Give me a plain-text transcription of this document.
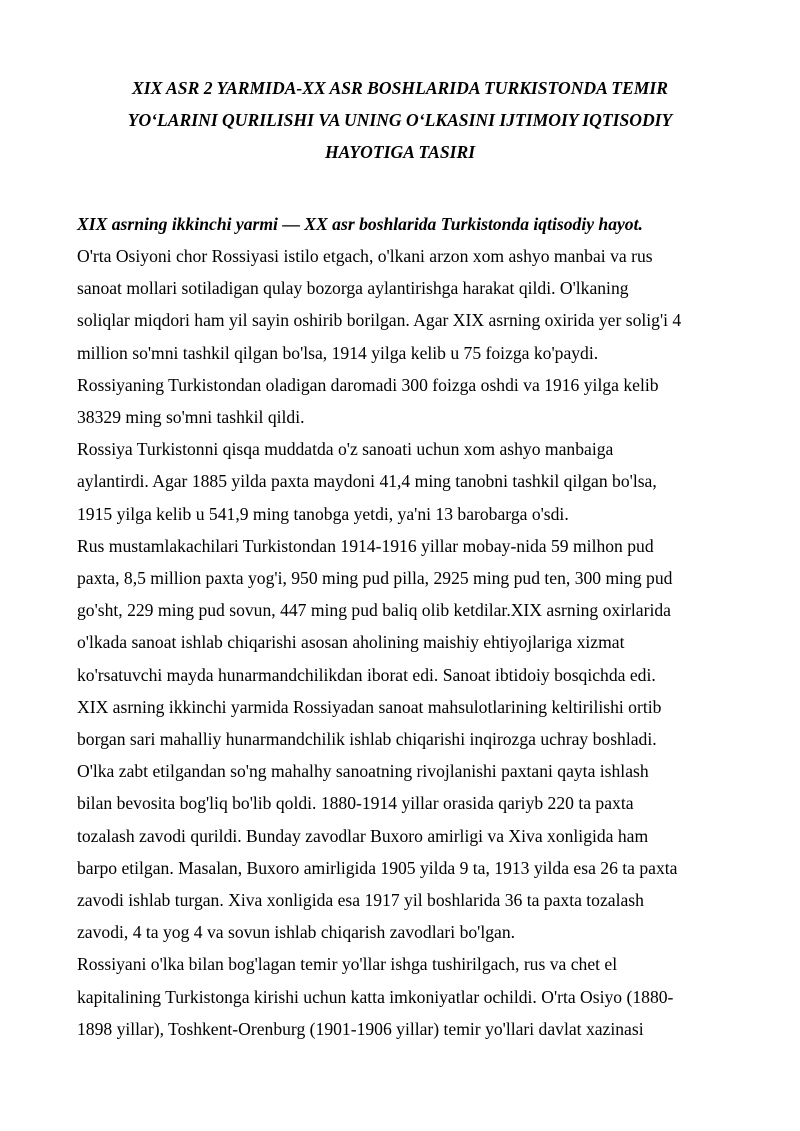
XIX ASR 2 YARMIDA-XX ASR BOSHLARIDA TURKISTONDA TEMIR
YO‘LARINI QURILISHI VA UNING O‘LKASINI IJTIMOIY IQTISODIY
HAYOTIGA TASIRI
XIX asrning ikkinchi yarmi — XX asr boshlarida Turkistonda iqtisodiy hayot.

O'rta Osiyoni chor Rossiyasi istilo etgach, o'lkani arzon xom ashyo manbai va rus
sanoat mollari sotiladigan qulay bozorga aylantirishga harakat qildi. O'lkaning
soliqlar miqdori ham yil sayin oshirib borilgan. Agar XIX asrning oxirida yer solig'i 4
million so'mni tashkil qilgan bo'lsa, 1914 yilga kelib u 75 foizga ko'paydi.
Rossiyaning Turkistondan oladigan daromadi 300 foizga oshdi va 1916 yilga kelib
38329 ming so'mni tashkil qildi.

Rossiya Turkistonni qisqa muddatda o'z sanoati uchun xom ashyo manbaiga
aylantirdi. Agar 1885 yilda paxta maydoni 41,4 ming tanobni tashkil qilgan bo'lsa,
1915 yilga kelib u 541,9 ming tanobga yetdi, ya'ni 13 barobarga o'sdi.

Rus mustamlakachilari Turkistondan 1914-1916 yillar mobay-nida 59 milhon pud
paxta, 8,5 million paxta yog'i, 950 ming pud pilla, 2925 ming pud ten, 300 ming pud
go'sht, 229 ming pud sovun, 447 ming pud baliq olib ketdilar.XIX asrning oxirlarida
o'lkada sanoat ishlab chiqarishi asosan aholining maishiy ehtiyojlariga xizmat
ko'rsatuvchi mayda hunarmandchilikdan iborat edi. Sanoat ibtidoiy bosqichda edi.
XIX asrning ikkinchi yarmida Rossiyadan sanoat mahsulotlarining keltirilishi ortib
borgan sari mahalliy hunarmandchilik ishlab chiqarishi inqirozga uchray boshladi.
O'lka zabt etilgandan so'ng mahalhy sanoatning rivojlanishi paxtani qayta ishlash
bilan bevosita bog'liq bo'lib qoldi. 1880-1914 yillar orasida qariyb 220 ta paxta
tozalash zavodi qurildi. Bunday zavodlar Buxoro amirligi va Xiva xonligida ham
barpo etilgan. Masalan, Buxoro amirligida 1905 yilda 9 ta, 1913 yilda esa 26 ta paxta
zavodi ishlab turgan. Xiva xonligida esa 1917 yil boshlarida 36 ta paxta tozalash
zavodi, 4 ta yog 4 va sovun ishlab chiqarish zavodlari bo'lgan.

Rossiyani o'lka bilan bog'lagan temir yo'llar ishga tushirilgach, rus va chet el
kapitalining Turkistonga kirishi uchun katta imkoniyatlar ochildi. O'rta Osiyo (1880-
1898 yillar), Toshkent-Orenburg (1901-1906 yillar) temir yo'llari davlat xazinasi
